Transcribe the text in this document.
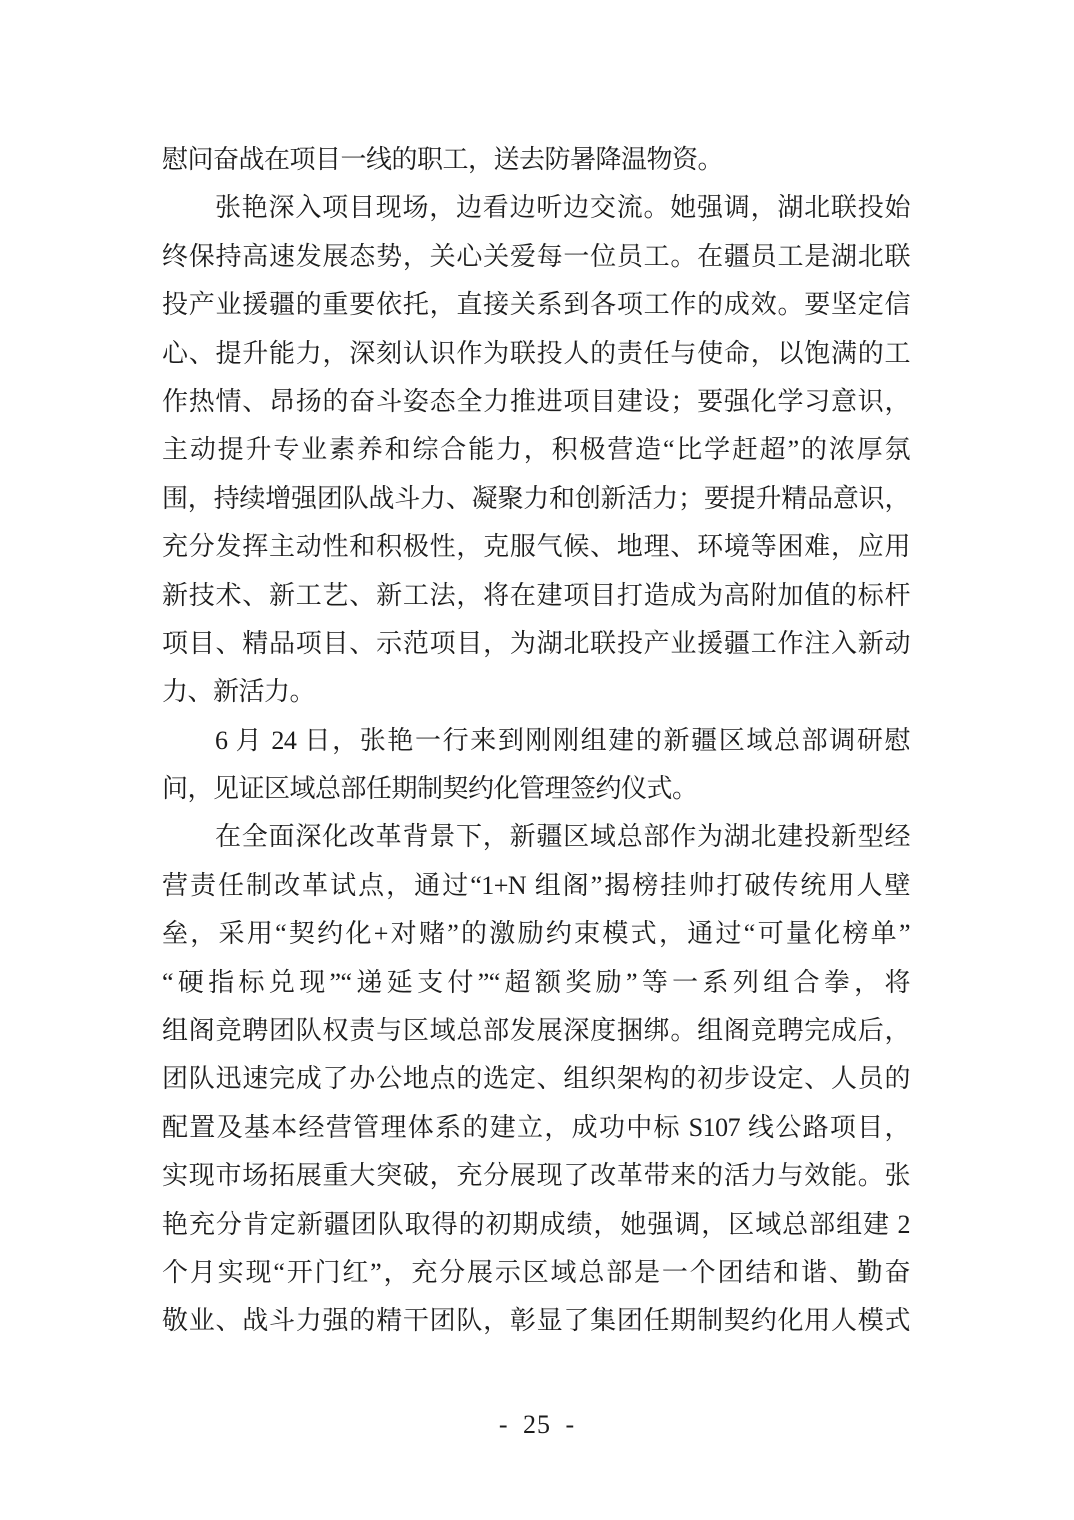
慰问奋战在项目一线的职工，送去防暑降温物资。
张艳深入项目现场，边看边听边交流。她强调，湖北联投始
终保持高速发展态势，关心关爱每一位员工。在疆员工是湖北联
投产业援疆的重要依托，直接关系到各项工作的成效。要坚定信
心、提升能力，深刻认识作为联投人的责任与使命，以饱满的工
作热情、昂扬的奋斗姿态全力推进项目建设；要强化学习意识，
主动提升专业素养和综合能力，积极营造“比学赶超”的浓厚氛
围，持续增强团队战斗力、凝聚力和创新活力；要提升精品意识，
充分发挥主动性和积极性，克服气候、地理、环境等困难，应用
新技术、新工艺、新工法，将在建项目打造成为高附加值的标杆
项目、精品项目、示范项目，为湖北联投产业援疆工作注入新动
力、新活力。
6 月 24 日，张艳一行来到刚刚组建的新疆区域总部调研慰
问，见证区域总部任期制契约化管理签约仪式。
在全面深化改革背景下，新疆区域总部作为湖北建投新型经
营责任制改革试点，通过“1+N 组阁”揭榜挂帅打破传统用人壁
垒，采用“契约化+对赌”的激励约束模式，通过“可量化榜单”
“硬指标兑现”“递延支付”“超额奖励”等一系列组合拳，将
组阁竞聘团队权责与区域总部发展深度捆绑。组阁竞聘完成后，
团队迅速完成了办公地点的选定、组织架构的初步设定、人员的
配置及基本经营管理体系的建立，成功中标 S107 线公路项目，
实现市场拓展重大突破，充分展现了改革带来的活力与效能。张
艳充分肯定新疆团队取得的初期成绩，她强调，区域总部组建 2
个月实现“开门红”，充分展示区域总部是一个团结和谐、勤奋
敬业、战斗力强的精干团队，彰显了集团任期制契约化用人模式
- 25 -
